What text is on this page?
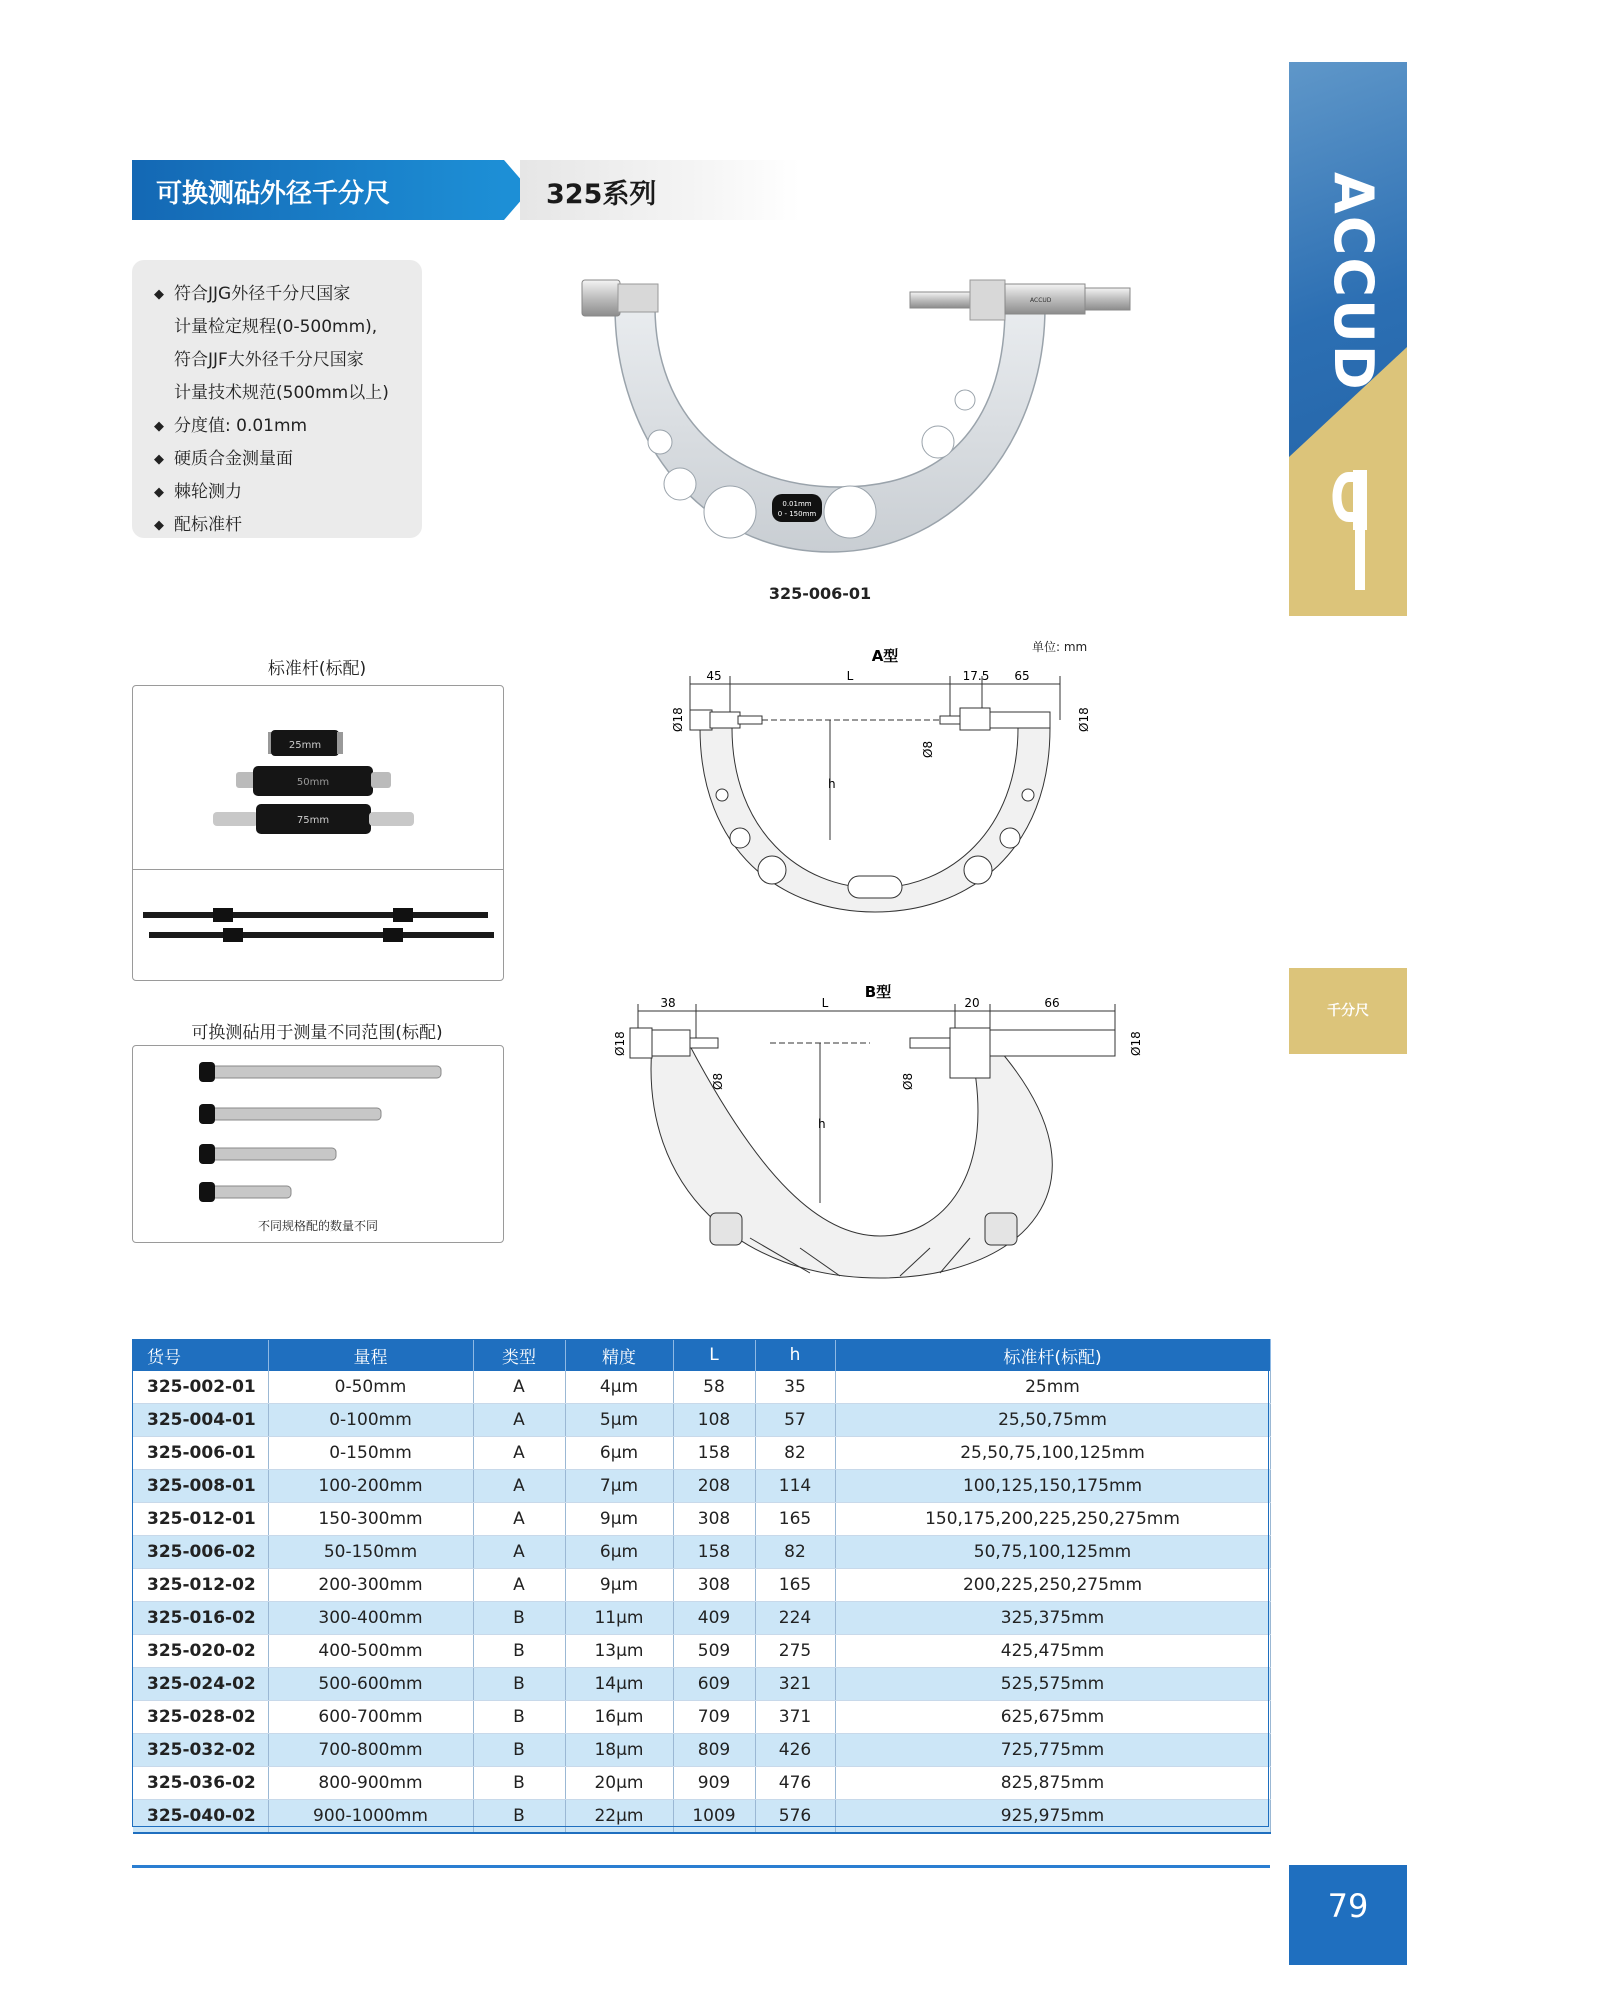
可换测砧外径千分尺	325系列
◆ 符合JJG外径千分尺国家
计量检定规程(0-500mm),
符合JJF大外径千分尺国家
计量技术规范(500mm以上)
◆ 分度值: 0.01mm
◆ 硬质合金测量面
◆ 棘轮测力
◆ 配标准杆
0.01mm
0 - 150mm
ACCUD
325-006-01
ACCUD
千分尺
标准杆(标配)
25mm
50mm
75mm
可换测砧用于测量不同范围(标配)
不同规格配的数量不同
单位: mm
A型
45	L	17.5 65
h
Ø18	Ø18
Ø8
B型
38	L	20	66
h
Ø18	Ø18
Ø8	Ø8
货号	量程	类型	精度	L	h	标准杆(标配)
325-002-01	0-50mm	A	4μm	58	35	25mm
325-004-01	0-100mm	A	5μm	108	57	25,50,75mm
325-006-01	0-150mm	A	6μm	158	82	25,50,75,100,125mm
325-008-01	100-200mm	A	7μm	208	114	100,125,150,175mm
325-012-01	150-300mm	A	9μm	308	165	150,175,200,225,250,275mm
325-006-02	50-150mm	A	6μm	158	82	50,75,100,125mm
325-012-02	200-300mm	A	9μm	308	165	200,225,250,275mm
325-016-02	300-400mm	B	11μm	409	224	325,375mm
325-020-02	400-500mm	B	13μm	509	275	425,475mm
325-024-02	500-600mm	B	14μm	609	321	525,575mm
325-028-02	600-700mm	B	16μm	709	371	625,675mm
325-032-02	700-800mm	B	18μm	809	426	725,775mm
325-036-02	800-900mm	B	20μm	909	476	825,875mm
325-040-02	900-1000mm	B	22μm	1009	576	925,975mm
79
